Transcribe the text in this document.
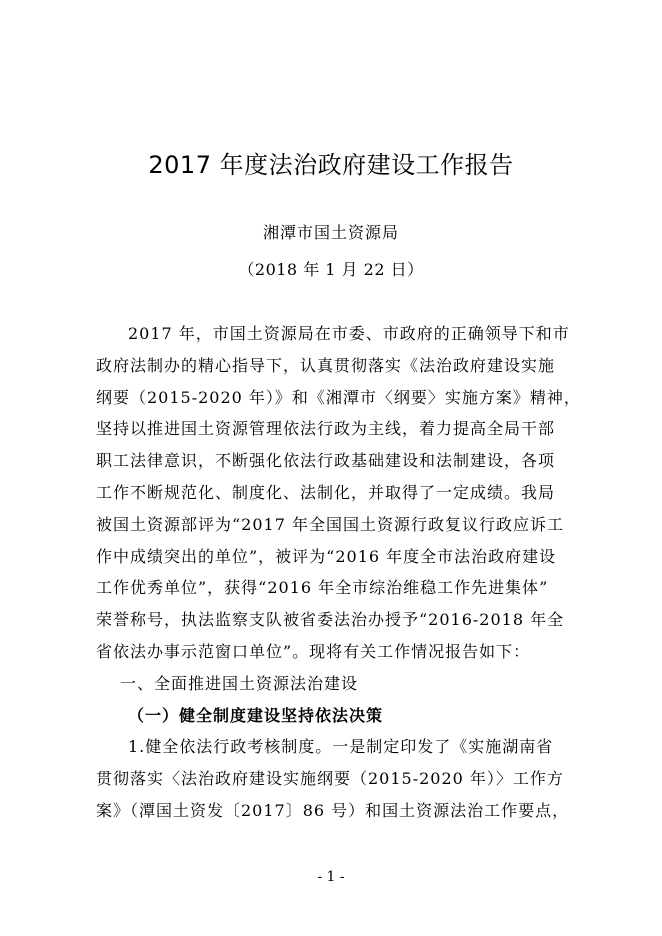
2017 年度法治政府建设工作报告
湘潭市国土资源局
（2018 年 1 月 22 日）
2017 年，市国土资源局在市委、市政府的正确领导下和市
政府法制办的精心指导下，认真贯彻落实《法治政府建设实施
纲要（2015-2020 年）》和《湘潭市〈纲要〉实施方案》精神，
坚持以推进国土资源管理依法行政为主线，着力提高全局干部
职工法律意识，不断强化依法行政基础建设和法制建设，各项
工作不断规范化、制度化、法制化，并取得了一定成绩。我局
被国土资源部评为“2017 年全国国土资源行政复议行政应诉工
作中成绩突出的单位”，被评为“2016 年度全市法治政府建设
工作优秀单位”，获得“2016 年全市综治维稳工作先进集体”
荣誉称号，执法监察支队被省委法治办授予“2016-2018 年全
省依法办事示范窗口单位”。现将有关工作情况报告如下：
一、全面推进国土资源法治建设
（一）健全制度建设坚持依法决策
1.健全依法行政考核制度。一是制定印发了《实施湖南省
贯彻落实〈法治政府建设实施纲要（2015-2020 年）〉工作方
案》（潭国土资发〔2017〕86 号）和国土资源法治工作要点，
- 1 -
